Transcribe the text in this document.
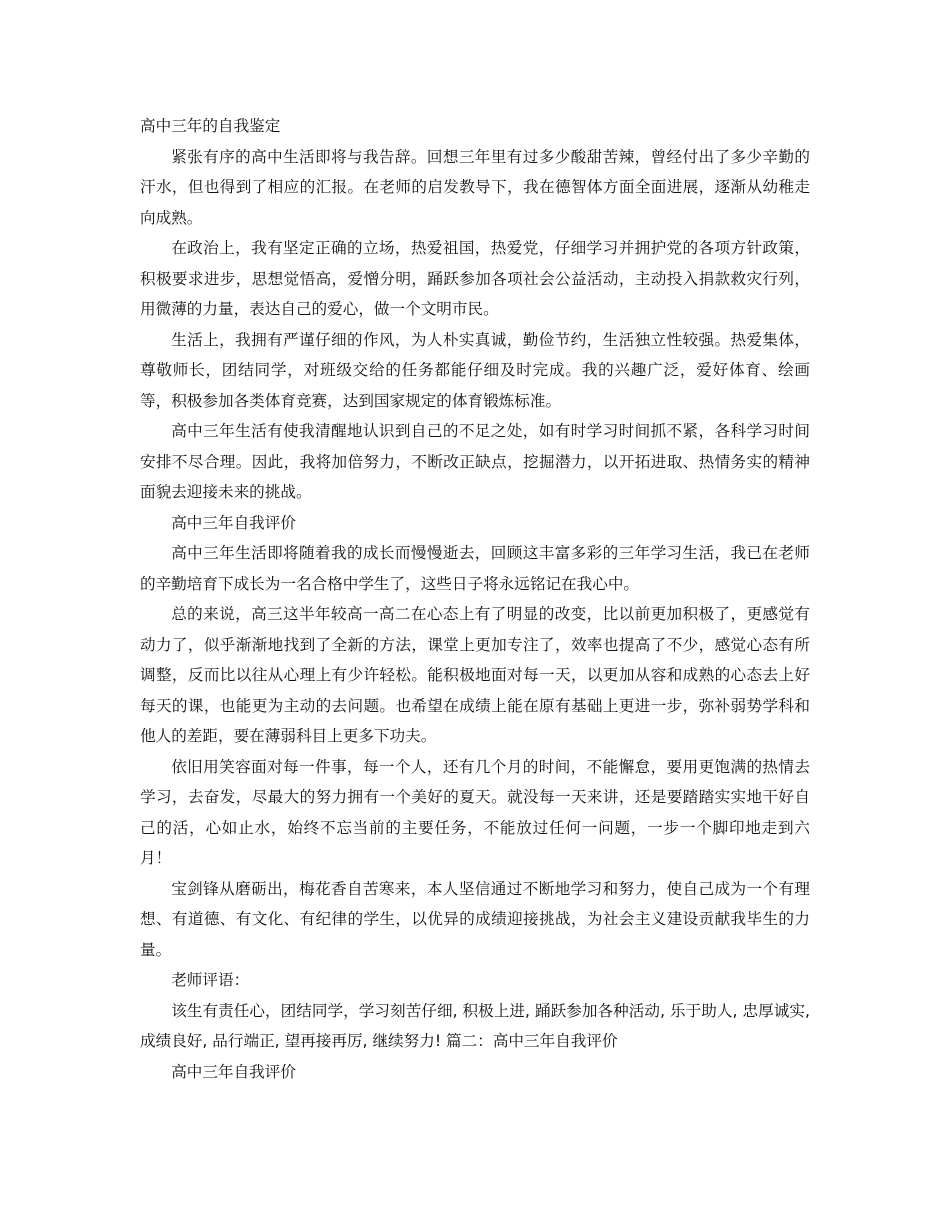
高中三年的自我鉴定

紧张有序的高中生活即将与我告辞。回想三年里有过多少酸甜苦辣，曾经付出了多少辛勤的汗水，但也得到了相应的汇报。在老师的启发教导下，我在德智体方面全面进展，逐渐从幼稚走向成熟。

在政治上，我有坚定正确的立场，热爱祖国，热爱党，仔细学习并拥护党的各项方针政策，积极要求进步，思想觉悟高，爱憎分明，踊跃参加各项社会公益活动，主动投入捐款救灾行列，用微薄的力量，表达自己的爱心，做一个文明市民。

生活上，我拥有严谨仔细的作风，为人朴实真诚，勤俭节约，生活独立性较强。热爱集体，尊敬师长，团结同学，对班级交给的任务都能仔细及时完成。我的兴趣广泛，爱好体育、绘画等，积极参加各类体育竞赛，达到国家规定的体育锻炼标准。

高中三年生活有使我清醒地认识到自己的不足之处，如有时学习时间抓不紧，各科学习时间安排不尽合理。因此，我将加倍努力，不断改正缺点，挖掘潜力，以开拓进取、热情务实的精神面貌去迎接未来的挑战。

高中三年自我评价

高中三年生活即将随着我的成长而慢慢逝去，回顾这丰富多彩的三年学习生活，我已在老师的辛勤培育下成长为一名合格中学生了，这些日子将永远铭记在我心中。

总的来说，高三这半年较高一高二在心态上有了明显的改变，比以前更加积极了，更感觉有动力了，似乎渐渐地找到了全新的方法，课堂上更加专注了，效率也提高了不少，感觉心态有所调整，反而比以往从心理上有少许轻松。能积极地面对每一天，以更加从容和成熟的心态去上好每天的课，也能更为主动的去问题。也希望在成绩上能在原有基础上更进一步，弥补弱势学科和他人的差距，要在薄弱科目上更多下功夫。

依旧用笑容面对每一件事，每一个人，还有几个月的时间，不能懈怠，要用更饱满的热情去学习，去奋发，尽最大的努力拥有一个美好的夏天。就没每一天来讲，还是要踏踏实实地干好自己的活，心如止水，始终不忘当前的主要任务，不能放过任何一问题，一步一个脚印地走到六月！

宝剑锋从磨砺出，梅花香自苦寒来，本人坚信通过不断地学习和努力，使自己成为一个有理想、有道德、有文化、有纪律的学生，以优异的成绩迎接挑战，为社会主义建设贡献我毕生的力量。

老师评语：

该生有责任心，团结同学，学习刻苦仔细, 积极上进, 踊跃参加各种活动, 乐于助人, 忠厚诚实, 成绩良好, 品行端正, 望再接再厉, 继续努力! 篇二：高中三年自我评价

高中三年自我评价
